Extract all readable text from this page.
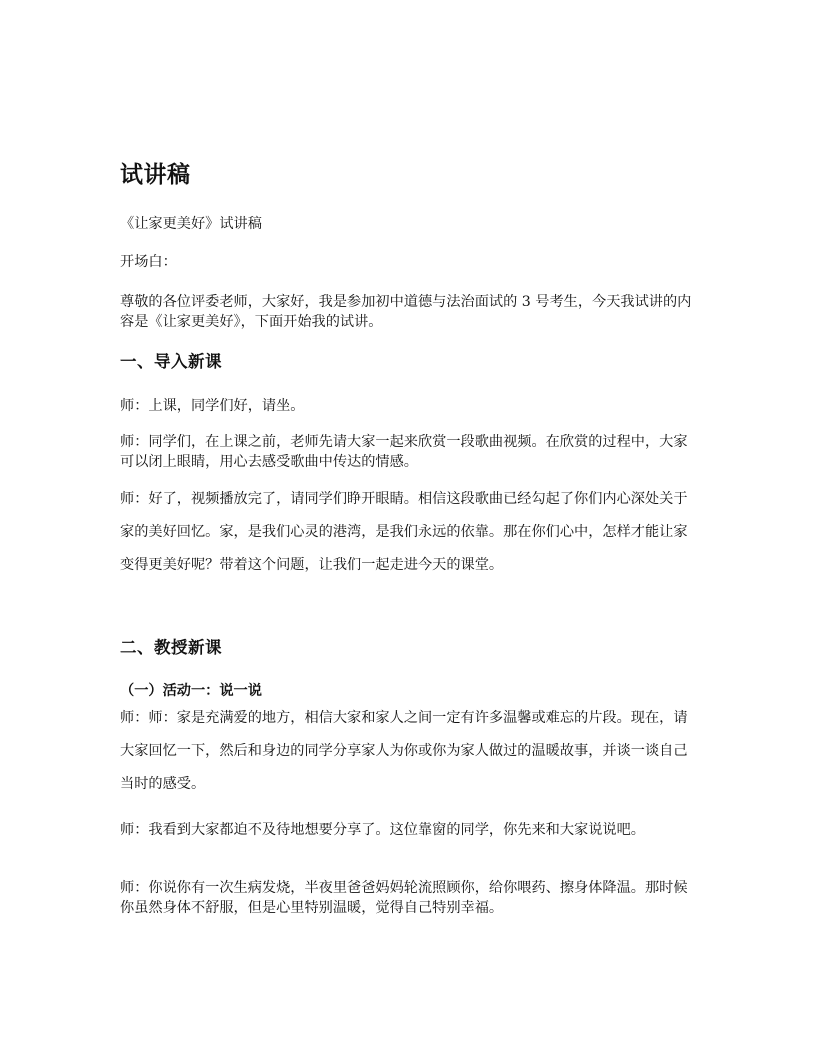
试讲稿

《让家更美好》试讲稿

开场白：

尊敬的各位评委老师，大家好，我是参加初中道德与法治面试的 3 号考生，今天我试讲的内容是《让家更美好》，下面开始我的试讲。

一、导入新课

师：上课，同学们好，请坐。

师：同学们，在上课之前，老师先请大家一起来欣赏一段歌曲视频。在欣赏的过程中，大家可以闭上眼睛，用心去感受歌曲中传达的情感。

师：好了，视频播放完了，请同学们睁开眼睛。相信这段歌曲已经勾起了你们内心深处关于家的美好回忆。家，是我们心灵的港湾，是我们永远的依靠。那在你们心中，怎样才能让家变得更美好呢？带着这个问题，让我们一起走进今天的课堂。

二、教授新课
（一）活动一：说一说

师：师：家是充满爱的地方，相信大家和家人之间一定有许多温馨或难忘的片段。现在，请大家回忆一下，然后和身边的同学分享家人为你或你为家人做过的温暖故事，并谈一谈自己当时的感受。

师：我看到大家都迫不及待地想要分享了。这位靠窗的同学，你先来和大家说说吧。

师：你说你有一次生病发烧，半夜里爸爸妈妈轮流照顾你，给你喂药、擦身体降温。那时候你虽然身体不舒服，但是心里特别温暖，觉得自己特别幸福。
